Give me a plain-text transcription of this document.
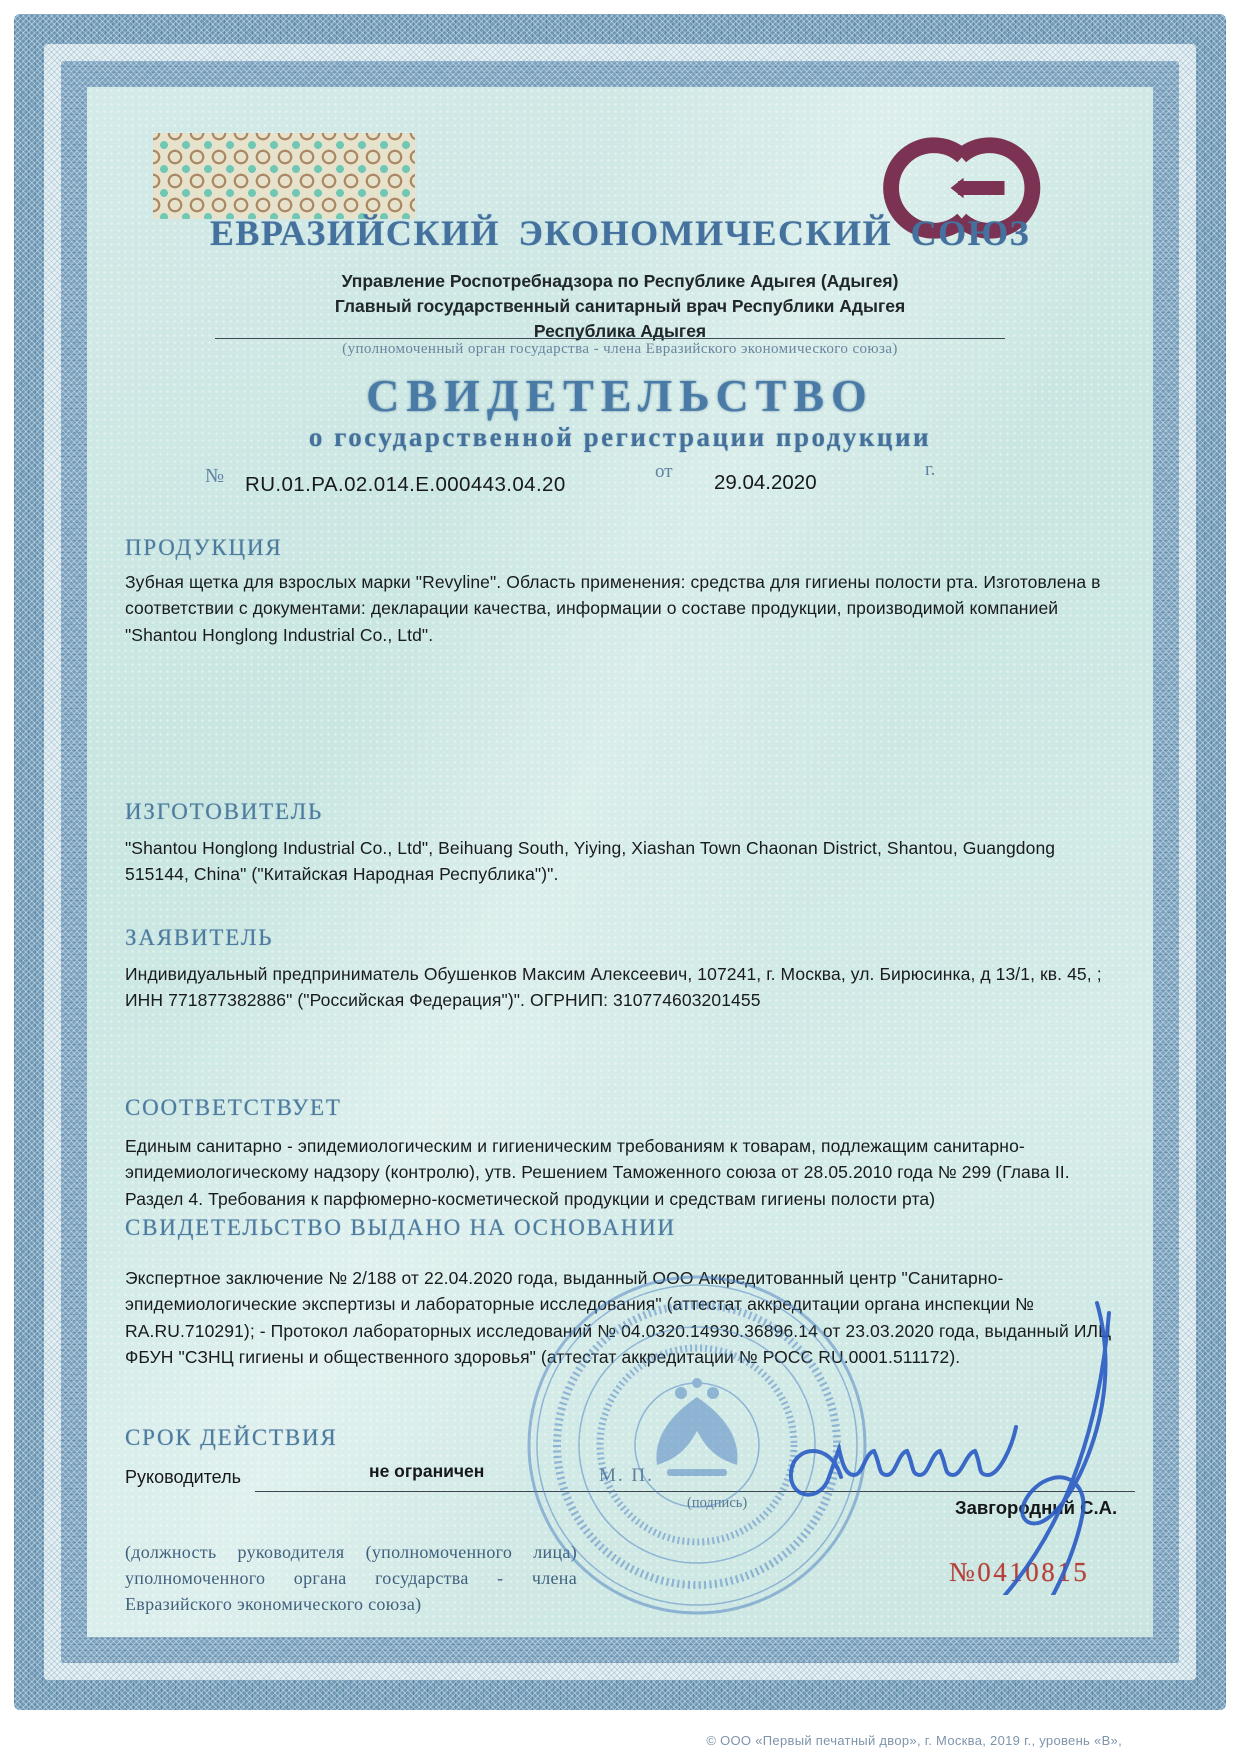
ЕВРАЗИЙСКИЙ ЭКОНОМИЧЕСКИЙ СОЮЗ
Управление Роспотребнадзора по Республике Адыгея (Адыгея)
Главный государственный санитарный врач Республики Адыгея
Республика Адыгея
(уполномоченный орган государства - члена Евразийского экономического союза)
СВИДЕТЕЛЬСТВО
о государственной регистрации продукции
№ RU.01.РА.02.014.Е.000443.04.20
от 29.04.2020
г.
ПРОДУКЦИЯ
Зубная щетка для взрослых марки "Revyline". Область применения: средства для гигиены полости рта. Изготовлена в соответствии с документами: декларации качества, информации о составе продукции, производимой компанией "Shantou Honglong Industrial Co., Ltd".
ИЗГОТОВИТЕЛЬ
"Shantou Honglong Industrial Co., Ltd", Beihuang South, Yiying, Xiashan Town Chaonan District, Shantou, Guangdong 515144, China" ("Китайская Народная Республика")".
ЗАЯВИТЕЛЬ
Индивидуальный предприниматель Обушенков Максим Алексеевич, 107241, г. Москва, ул. Бирюсинка, д 13/1, кв. 45, ; ИНН 771877382886" ("Российская Федерация")". ОГРНИП: 310774603201455
СООТВЕТСТВУЕТ
Единым санитарно - эпидемиологическим и гигиеническим требованиям к товарам, подлежащим санитарно-эпидемиологическому надзору (контролю), утв. Решением Таможенного союза от 28.05.2010 года № 299 (Глава II. Раздел 4. Требования к парфюмерно-косметической продукции и средствам гигиены полости рта)
СВИДЕТЕЛЬСТВО ВЫДАНО НА ОСНОВАНИИ
Экспертное заключение № 2/188 от 22.04.2020 года, выданный ООО Аккредитованный центр "Санитарно-эпидемиологические экспертизы и лабораторные исследования" (аттестат аккредитации органа инспекции № RA.RU.710291); - Протокол лабораторных исследований № 04.0320.14930.36896.14 от 23.03.2020 года, выданный ИЛЦ ФБУН "СЗНЦ гигиены и общественного здоровья" (аттестат аккредитации № РОСС RU.0001.511172).
СРОК ДЕЙСТВИЯ
не ограничен
Руководитель	М. П.
(подпись)	Завгородний С.А.
(должность руководителя (уполномоченного лица) уполномоченного органа государства - члена Евразийского экономического союза)
№0410815
© ООО «Первый печатный двор», г. Москва, 2019 г., уровень «В»,
